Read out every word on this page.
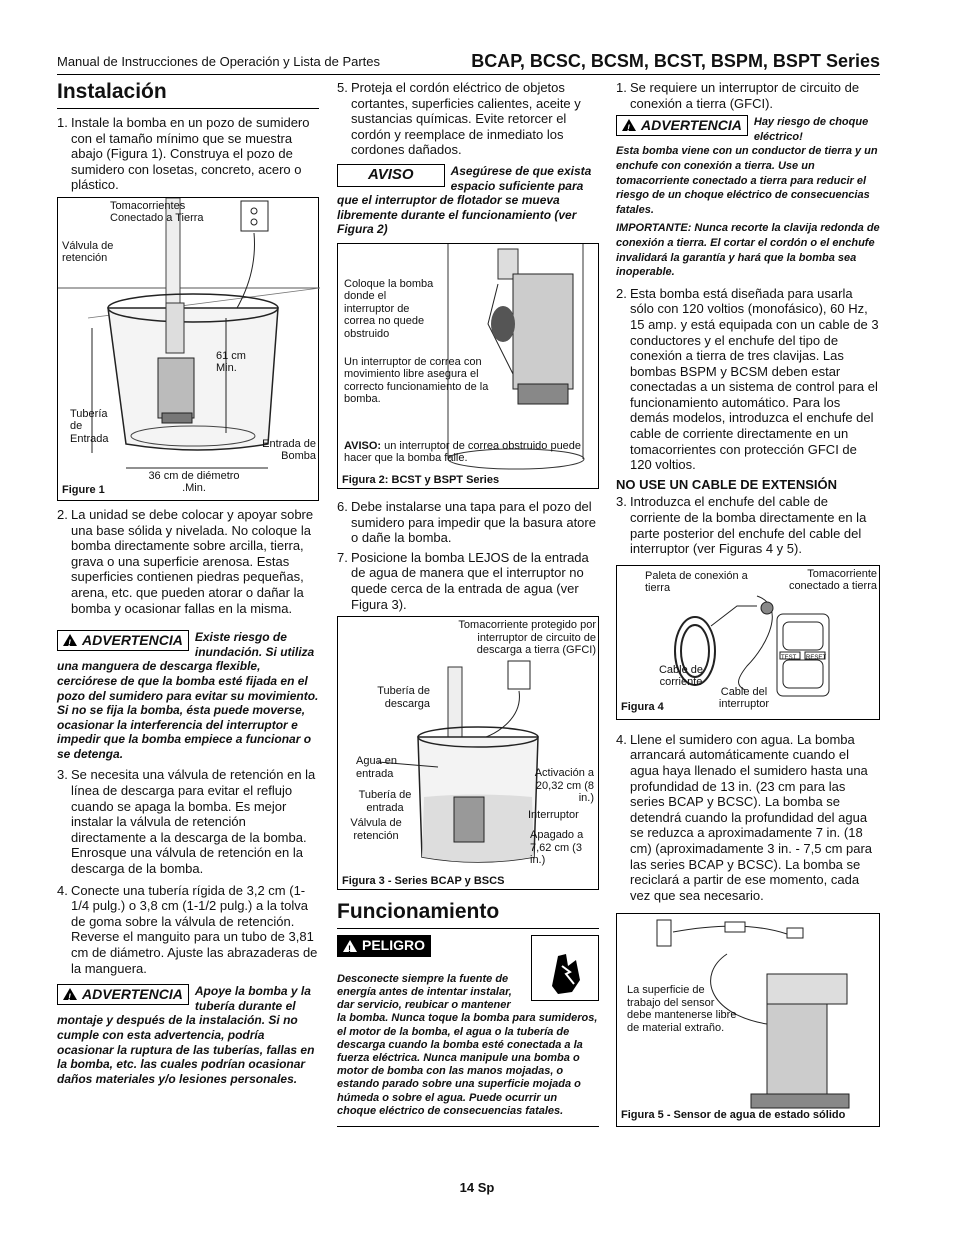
Manual de Instrucciones de Operación y Lista de Partes	BCAP, BCSC, BCSM, BCST, BSPM, BSPT Series
Instalación
1. Instale la bomba en un pozo de sumidero con el tamaño mínimo que se muestra abajo (Figura 1). Construya el pozo de sumidero con losetas, concreto, acero o plástico.
Tomacorrientes Conectado a Tierra
Válvula de retención
61 cm Min.
Tubería de Entrada	Entrada de Bomba
36 cm de diémetro .Min.
Figure 1
2. La unidad se debe colocar y apoyar sobre una base sólida y nivelada. No coloque la bomba directamente sobre arcilla, tierra, grava o una superficie arenosa. Estas superficies contienen piedras pequeñas, arena, etc. que pueden atorar o dañar la bomba y ocasionar fallas en la misma.
! ADVERTENCIA Existe riesgo de inundación. Si utiliza una manguera de descarga flexible, cerciórese de que la bomba esté fijada en el pozo del sumidero para evitar su movimiento. Si no se fija la bomba, ésta puede moverse, ocasionar la interferencia del interruptor e impedir que la bomba empiece a funcionar o se detenga.
3. Se necesita una válvula de retención en la línea de descarga para evitar el reflujo cuando se apaga la bomba. Es mejor instalar la válvula de retención directamente a la descarga de la bomba. Enrosque una válvula de retención en la descarga de la bomba.
4. Conecte una tubería rígida de 3,2 cm (1-1/4 pulg.) o 3,8 cm (1-1/2 pulg.) a la tolva de goma sobre la válvula de retención. Reverse el manguito para un tubo de 3,81 cm de diámetro. Ajuste las abrazaderas de la manguera.
! ADVERTENCIA Apoye la bomba y la tubería durante el montaje y después de la instalación. Si no cumple con esta advertencia, podría ocasionar la ruptura de las tuberías, fallas en la bomba, etc. las cuales podrían ocasionar daños materiales y/o lesiones personales.
5. Proteja el cordón eléctrico de objetos cortantes, superficies calientes, aceite y sustancias químicas. Evite retorcer el cordón y reemplace de inmediato los cordones dañados.
AVISO	Asegúrese de que exista espacio suficiente para que el interruptor de flotador se mueva libremente durante el funcionamiento (ver Figura 2)
Coloque la bomba donde el interruptor de correa no quede obstruido
Un interruptor de correa con movimiento libre asegura el correcto funcionamiento de la bomba.
AVISO: un interruptor de correa obstruido puede hacer que la bomba falle.
Figura 2: BCST y BSPT Series
6. Debe instalarse una tapa para el pozo del sumidero para impedir que la basura atore o dañe la bomba.
7. Posicione la bomba LEJOS de la entrada de agua de manera que el interruptor no quede cerca de la entrada de agua (ver Figura 3).
Tomacorriente protegido por interruptor de circuito de descarga a tierra (GFCI)
Tubería de descarga
Agua en entrada
Tubería de entrada
Válvula de retención
Activación a 20,32 cm (8 in.)
Interruptor
Apagado a 7,62 cm (3 in.)
Figura 3 - Series BCAP y BSCS
Funcionamiento
! PELIGRO
Desconecte siempre la fuente de energía antes de intentar instalar, dar servicio, reubicar o mantener
la bomba. Nunca toque la bomba para sumideros, el motor de la bomba, el agua o la tubería de descarga cuando la bomba esté conectada a la fuerza eléctrica. Nunca manipule una bomba o motor de bomba con las manos mojadas, o estando parado sobre una superficie mojada o húmeda o sobre el agua. Puede ocurrir un choque eléctrico de consecuencias fatales.
1. Se requiere un interruptor de circuito de conexión a tierra (GFCI).
! ADVERTENCIA Hay riesgo de choque eléctrico!
Esta bomba viene con un conductor de tierra y un enchufe con conexión a tierra. Use un tomacorriente conectado a tierra para reducir el riesgo de un choque eléctrico de consecuencias fatales.
IMPORTANTE: Nunca recorte la clavija redonda de conexión a tierra. El cortar el cordón o el enchufe invalidará la garantía y hará que la bomba sea inoperable.
2. Esta bomba está diseñada para usarla sólo con 120 voltios (monofásico), 60 Hz, 15 amp. y está equipada con un cable de 3 conductores y el enchufe del tipo de conexión a tierra de tres clavijas. Las bombas BSPM y BCSM deben estar conectadas a un sistema de control para el funcionamiento automático. Para los demás modelos, introduzca el enchufe del cable de corriente directamente en un tomacorrientes con protección GFCI de 120 voltios.
NO USE UN CABLE DE EXTENSIÓN
3. Introduzca el enchufe del cable de corriente de la bomba directamente en la parte posterior del enchufe del cable del interruptor (ver Figuras 4 y 5).
Paleta de conexión a tierra
Tomacorriente conectado a tierra
Cable de corriente
Cable del interruptor
TEST RESET
Figura 4
4. Llene el sumidero con agua. La bomba arrancará automáticamente cuando el agua haya llenado el sumidero hasta una profundidad de 13 in. (23 cm para las series BCAP y BCSC). La bomba se detendrá cuando la profundidad del agua se reduzca a aproximadamente 7 in. (18 cm) (aproximadamente 3 in. - 7,5 cm para las series BCAP y BCSC). La bomba se reciclará a partir de ese momento, cada vez que sea necesario.
La superficie de trabajo del sensor debe mantenerse libre de material extraño.
Figura 5 - Sensor de agua de estado sólido
14 Sp
